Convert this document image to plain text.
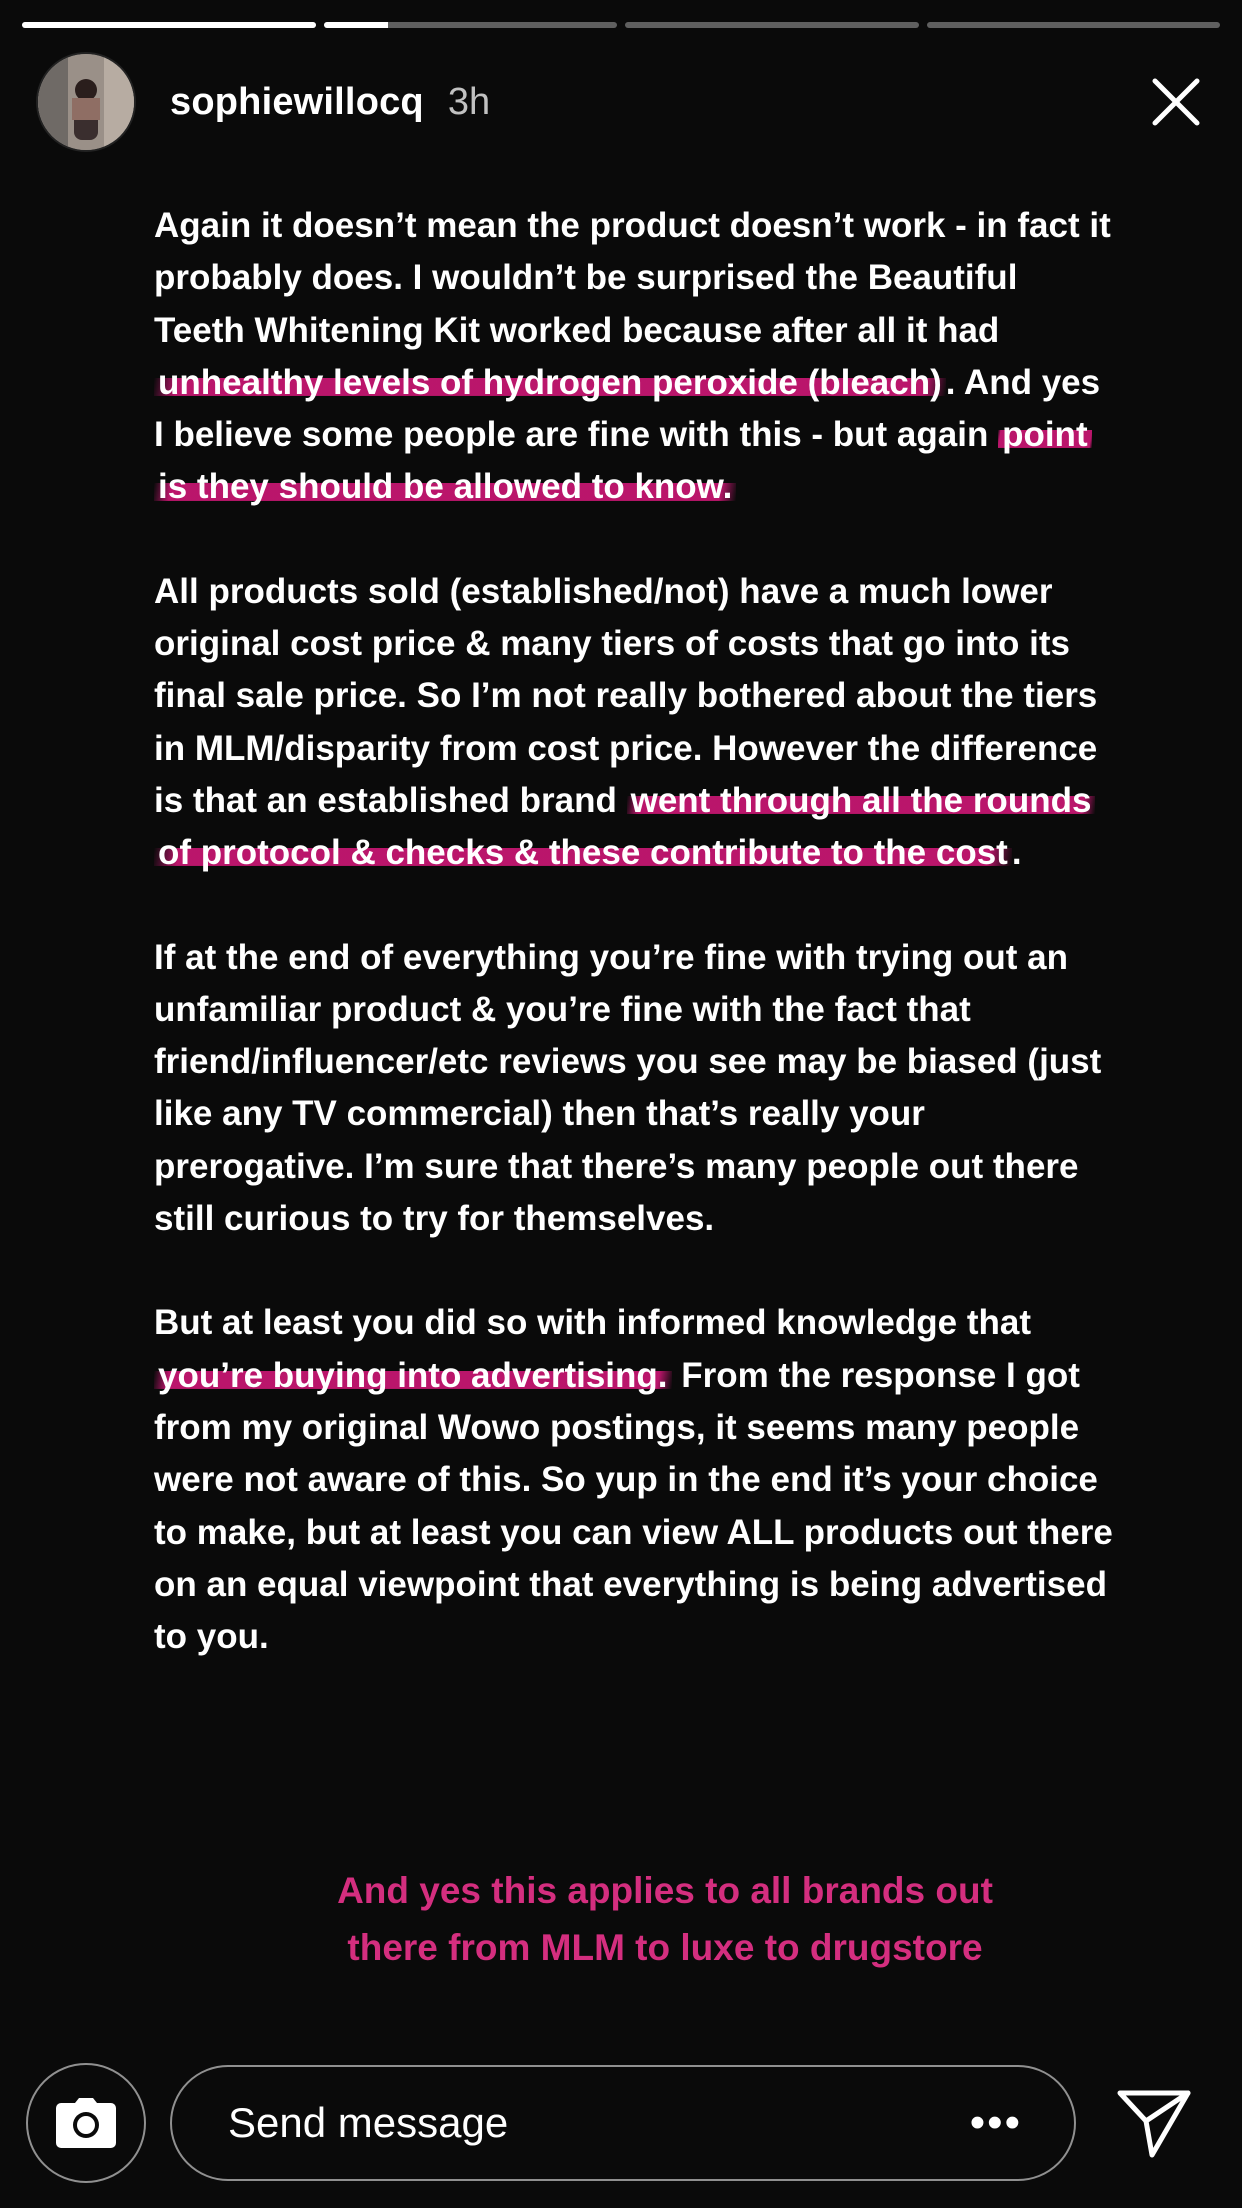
sophiewillocq 3h

Again it doesn’t mean the product doesn’t work - in fact it probably does. I wouldn’t be surprised the Beautiful Teeth Whitening Kit worked because after all it had unhealthy levels of hydrogen peroxide (bleach) . And yes I believe some people are fine with this - but again point is they should be allowed to know.

All products sold (established/not) have a much lower original cost price & many tiers of costs that go into its final sale price. So I’m not really bothered about the tiers in MLM/disparity from cost price. However the difference is that an established brand went through all the rounds of protocol & checks & these contribute to the cost .

If at the end of everything you’re fine with trying out an unfamiliar product & you’re fine with the fact that friend/influencer/etc reviews you see may be biased (just like any TV commercial) then that’s really your prerogative. I’m sure that there’s many people out there still curious to try for themselves.

But at least you did so with informed knowledge that you’re buying into advertising. From the response I got from my original Wowo postings, it seems many people were not aware of this. So yup in the end it’s your choice to make, but at least you can view ALL products out there on an equal viewpoint that everything is being advertised to you.

And yes this applies to all brands out there from MLM to luxe to drugstore
Send message	•••
